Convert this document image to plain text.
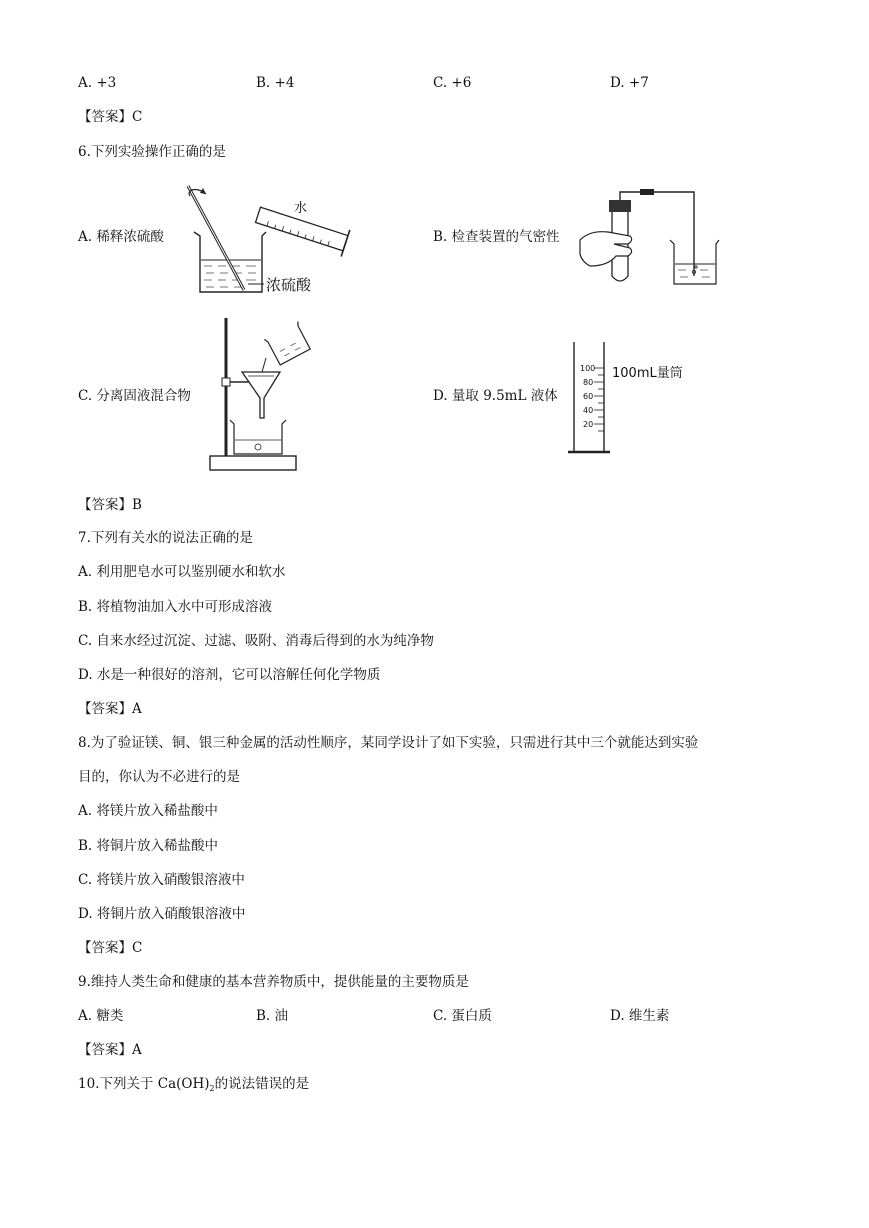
A. +3	B. +4	C. +6	D. +7
【答案】C
6.下列实验操作正确的是
A. 稀释浓硫酸	B. 检查装置的气密性
C. 分离固液混合物	D. 量取 9.5mL 液体
水
浓硫酸
100
80
60
40
20
100mL量筒
【答案】B
7.下列有关水的说法正确的是
A. 利用肥皂水可以鉴别硬水和软水
B. 将植物油加入水中可形成溶液
C. 自来水经过沉淀、过滤、吸附、消毒后得到的水为纯净物
D. 水是一种很好的溶剂，它可以溶解任何化学物质
【答案】A
8.为了验证镁、铜、银三种金属的活动性顺序，某同学设计了如下实验，只需进行其中三个就能达到实验
目的，你认为不必进行的是
A. 将镁片放入稀盐酸中
B. 将铜片放入稀盐酸中
C. 将镁片放入硝酸银溶液中
D. 将铜片放入硝酸银溶液中
【答案】C
9.维持人类生命和健康的基本营养物质中，提供能量的主要物质是
A. 糖类	B. 油	C. 蛋白质	D. 维生素
【答案】A
10.下列关于 $Ca(OH)_2$的说法错误的是
